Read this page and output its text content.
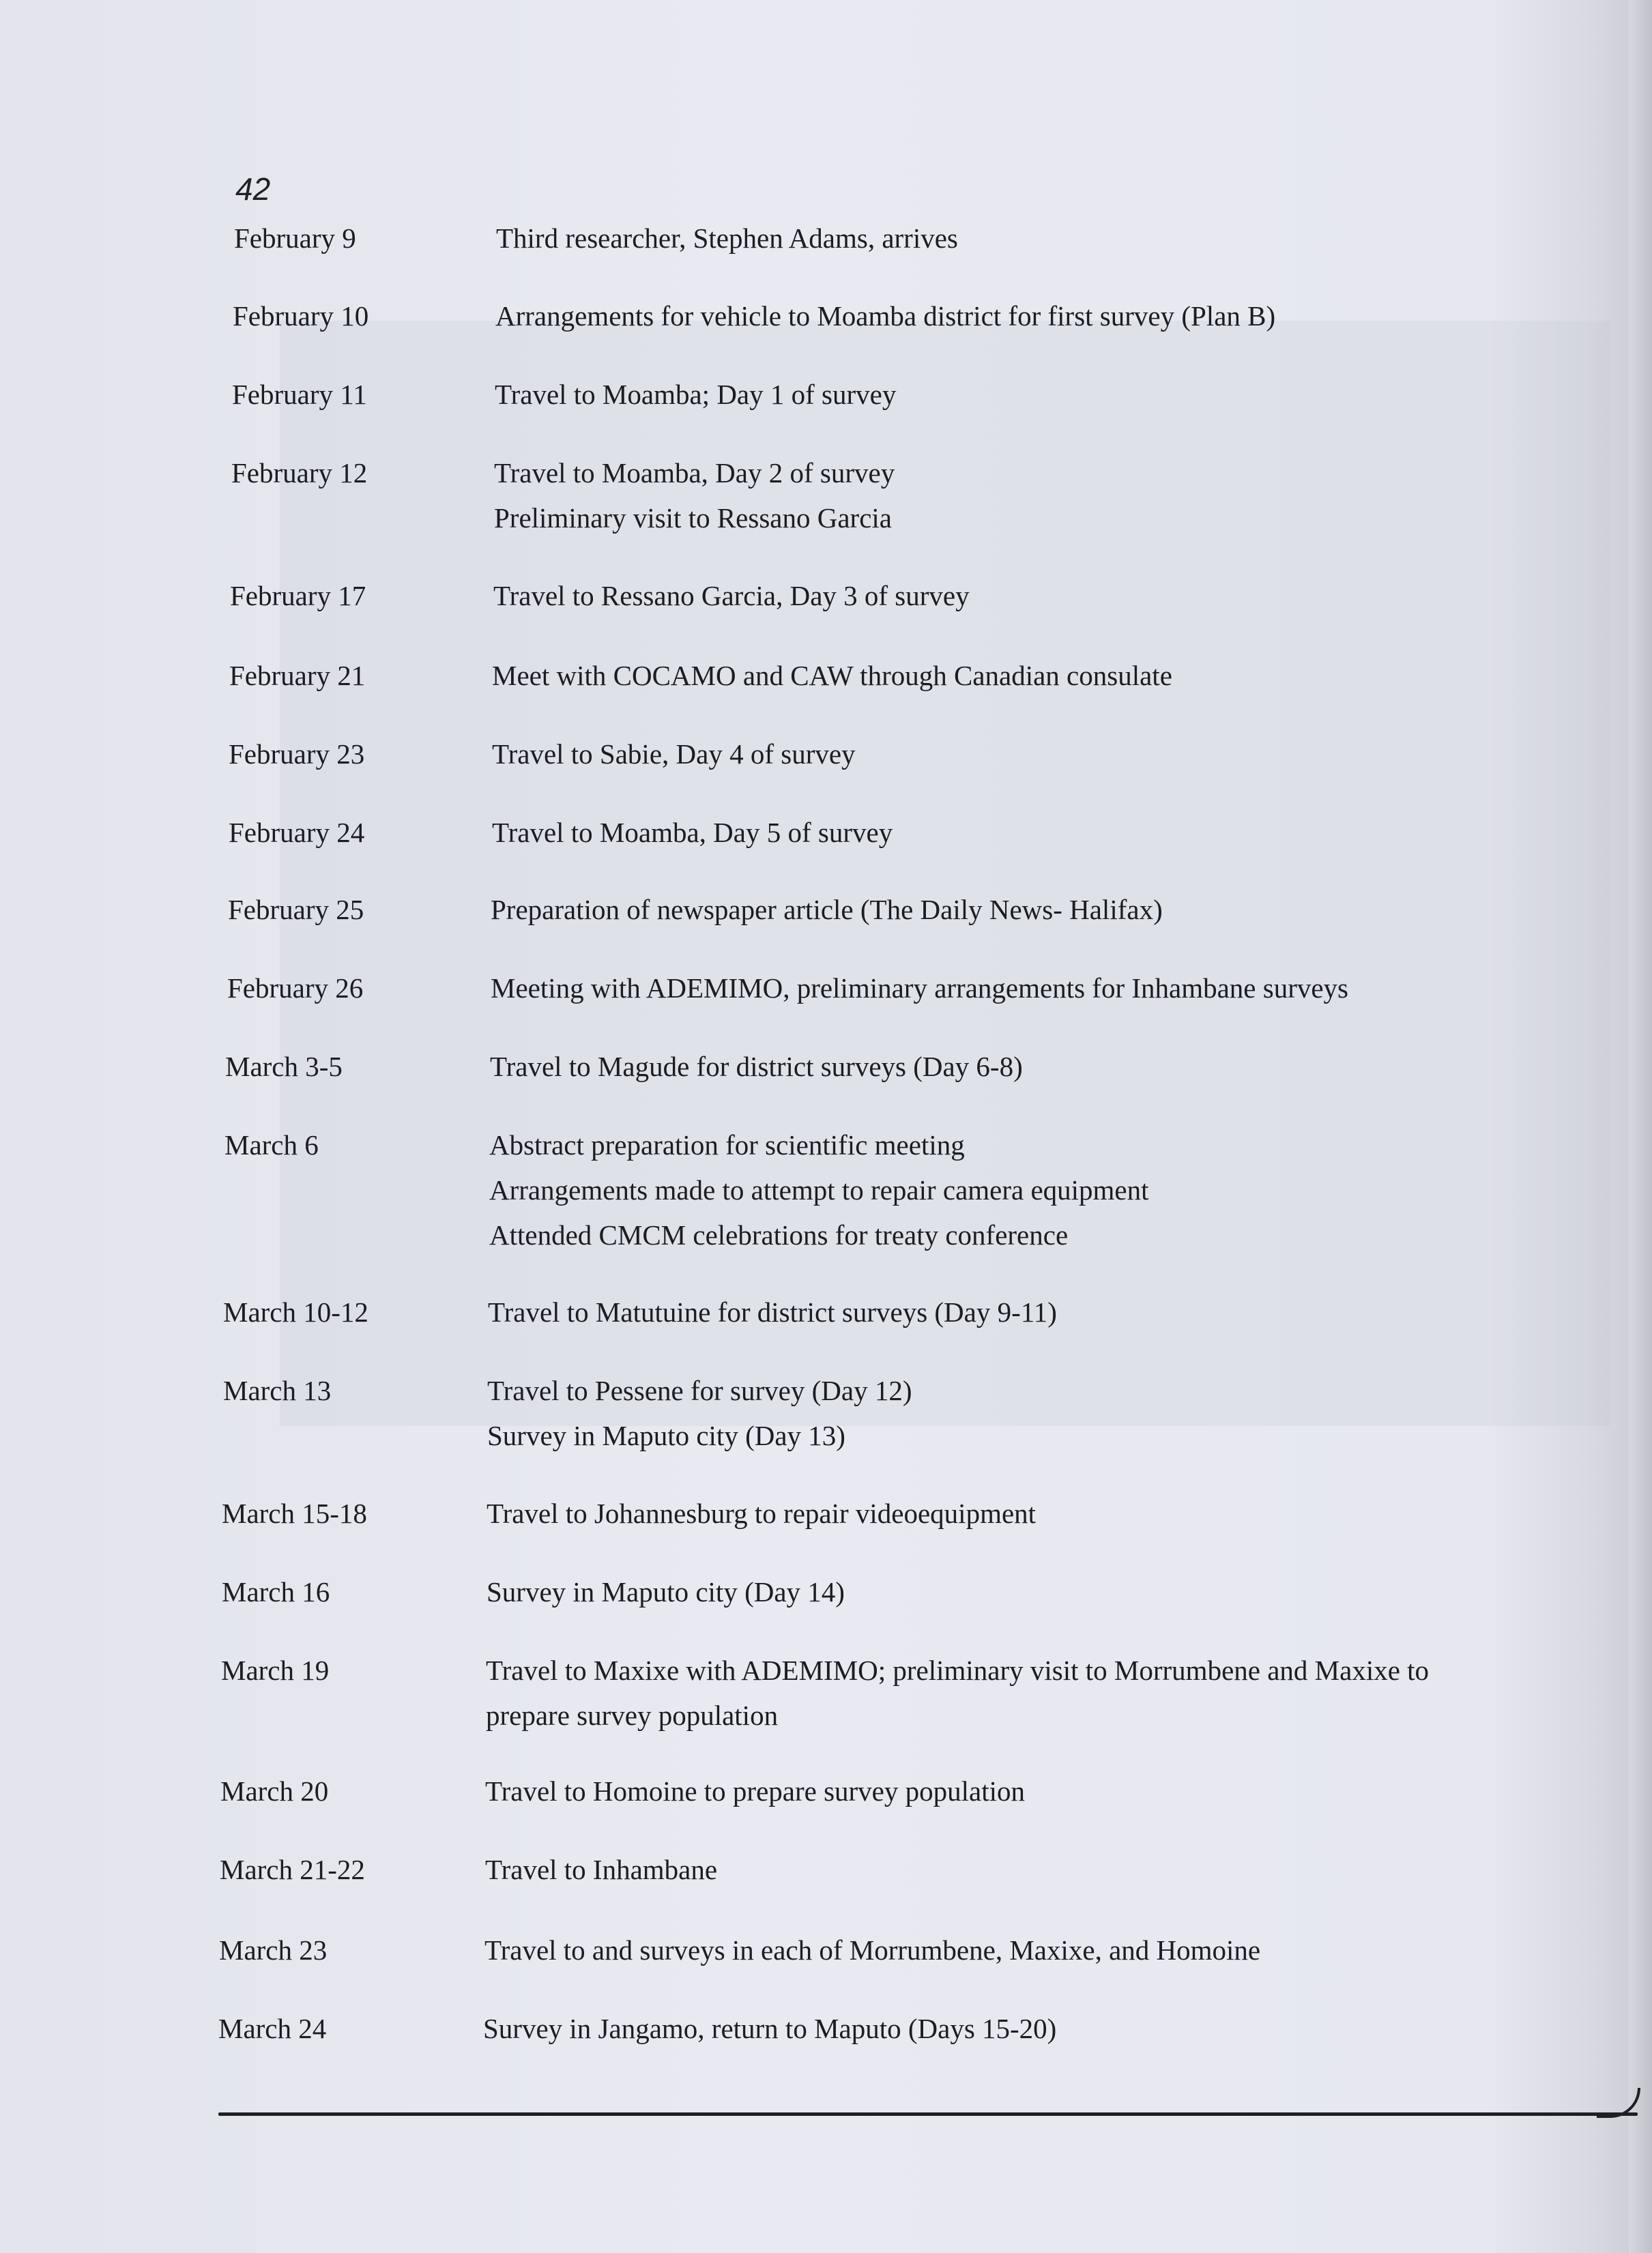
42
February 9	Third researcher, Stephen Adams, arrives
February 10	Arrangements for vehicle to Moamba district for first survey (Plan B)
February 11	Travel to Moamba; Day 1 of survey
February 12	Travel to Moamba, Day 2 of survey
Preliminary visit to Ressano Garcia
February 17	Travel to Ressano Garcia, Day 3 of survey
February 21	Meet with COCAMO and CAW through Canadian consulate
February 23	Travel to Sabie, Day 4 of survey
February 24	Travel to Moamba, Day 5 of survey
February 25	Preparation of newspaper article (The Daily News- Halifax)
February 26	Meeting with ADEMIMO, preliminary arrangements for Inhambane surveys
March 3-5	Travel to Magude for district surveys (Day 6-8)
March 6	Abstract preparation for scientific meeting
Arrangements made to attempt to repair camera equipment
Attended CMCM celebrations for treaty conference
March 10-12	Travel to Matutuine for district surveys (Day 9-11)
March 13	Travel to Pessene for survey (Day 12)
Survey in Maputo city (Day 13)
March 15-18	Travel to Johannesburg to repair videoequipment
March 16	Survey in Maputo city (Day 14)
March 19	Travel to Maxixe with ADEMIMO; preliminary visit to Morrumbene and Maxixe to
prepare survey population
March 20	Travel to Homoine to prepare survey population
March 21-22	Travel to Inhambane
March 23	Travel to and surveys in each of Morrumbene, Maxixe, and Homoine
March 24	Survey in Jangamo, return to Maputo (Days 15-20)
